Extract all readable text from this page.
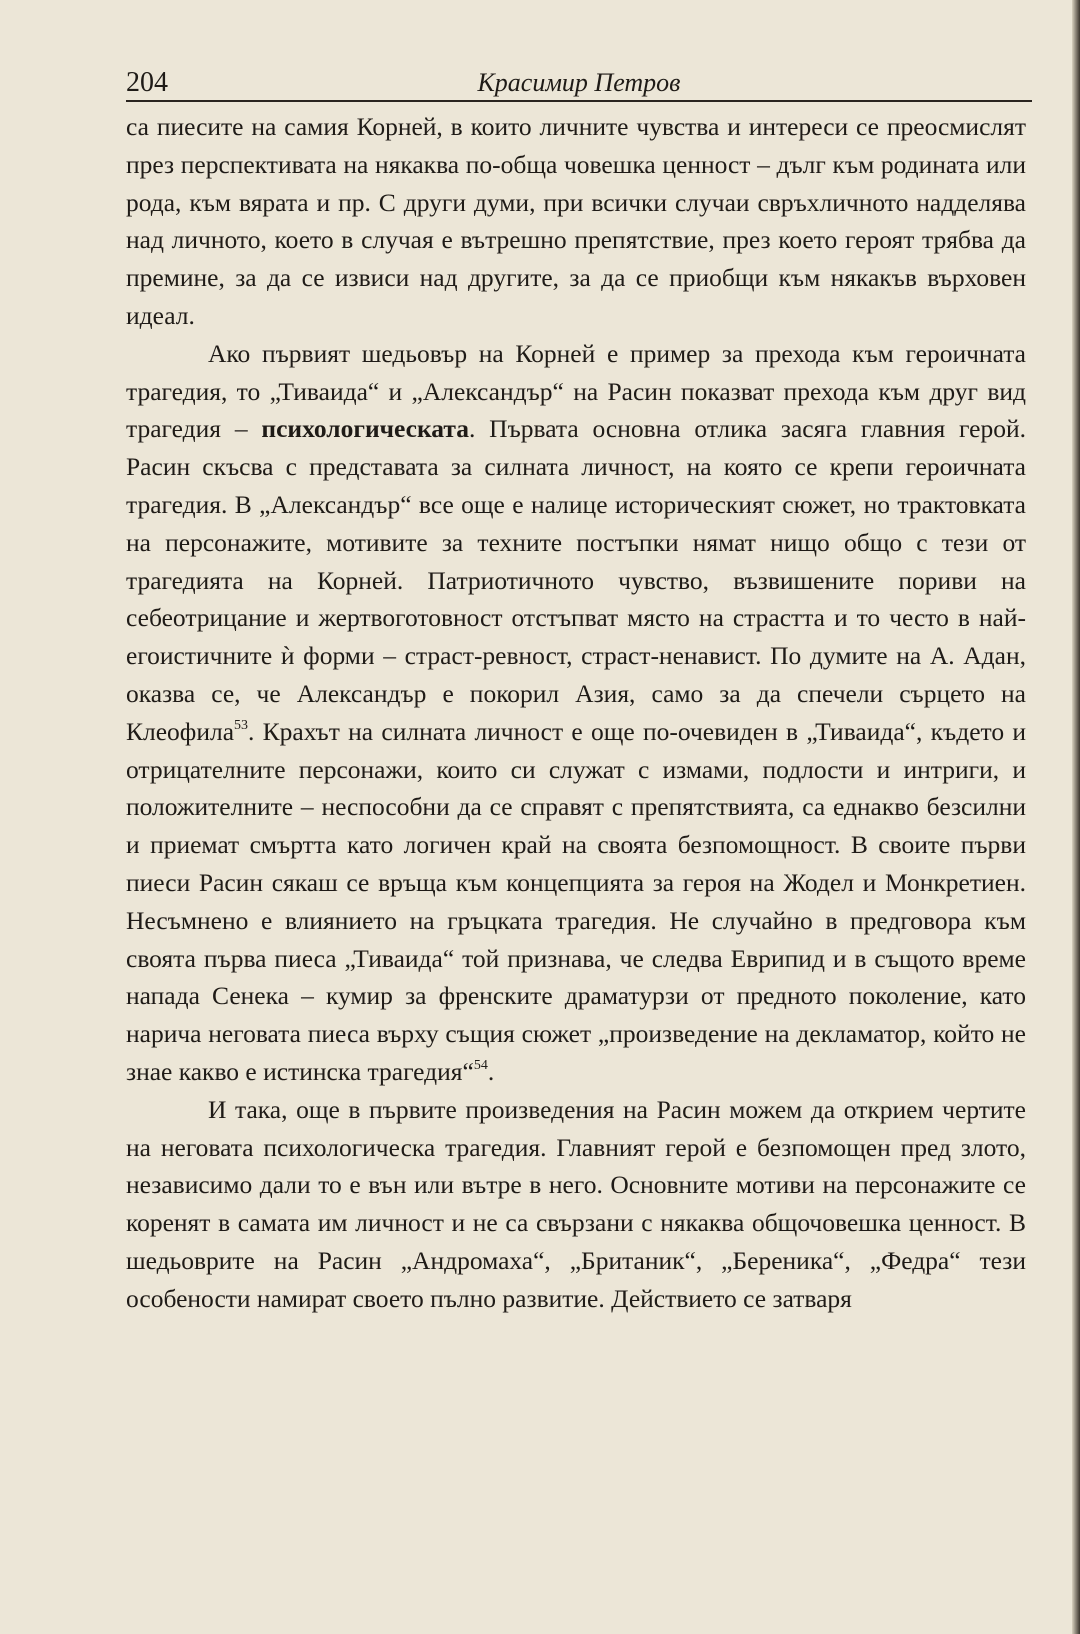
204	Красимир Петров

са пиесите на самия Корней, в които личните чувства и интереси се преосмислят през перспективата на някаква по-обща човешка ценност – дълг към родината или рода, към вярата и пр. С други думи, при всички случаи свръхличното надделява над личното, което в случая е вътрешно препятствие, през което героят трябва да премине, за да се извиси над другите, за да се приобщи към някакъв върховен идеал.

Ако първият шедьовър на Корней е пример за прехода към героичната трагедия, то „Тиваида“ и „Александър“ на Расин показват прехода към друг вид трагедия – психологическата. Първата основна отлика засяга главния герой. Расин скъсва с представата за силната личност, на която се крепи героичната трагедия. В „Александър“ все още е налице историческият сюжет, но трактовката на персонажите, мотивите за техните постъпки нямат нищо общо с тези от трагедията на Корней. Патриотичното чувство, възвишените пориви на себеотрицание и жертвоготовност отстъпват място на страстта и то често в най-егоистичните ѝ форми – страст-ревност, страст-ненавист. По думите на А. Адан, оказва се, че Александър е покорил Азия, само за да спечели сърцето на Клеофила$^{53}$. Крахът на силната личност е още по-очевиден в „Тиваида“, където и отрицателните персонажи, които си служат с измами, подлости и интриги, и положителните – неспособни да се справят с препятствията, са еднакво безсилни и приемат смъртта като логичен край на своята безпомощност. В своите първи пиеси Расин сякаш се връща към концепцията за героя на Жодел и Монкретиен. Несъмнено е влиянието на гръцката трагедия. Не случайно в предговора към своята първа пиеса „Тиваида“ той признава, че следва Еврипид и в същото време напада Сенека – кумир за френските драматурзи от предното поколение, като нарича неговата пиеса върху същия сюжет „произведение на декламатор, който не знае какво е истинска трагедия“$^{54}$.

И така, още в първите произведения на Расин можем да открием чертите на неговата психологическа трагедия. Главният герой е безпомощен пред злото, независимо дали то е вън или вътре в него. Основните мотиви на персонажите се коренят в самата им личност и не са свързани с някаква общочовешка ценност. В шедьоврите на Расин „Андромаха“, „Британик“, „Береника“, „Федра“ тези особености намират своето пълно развитие. Действието се затваря
